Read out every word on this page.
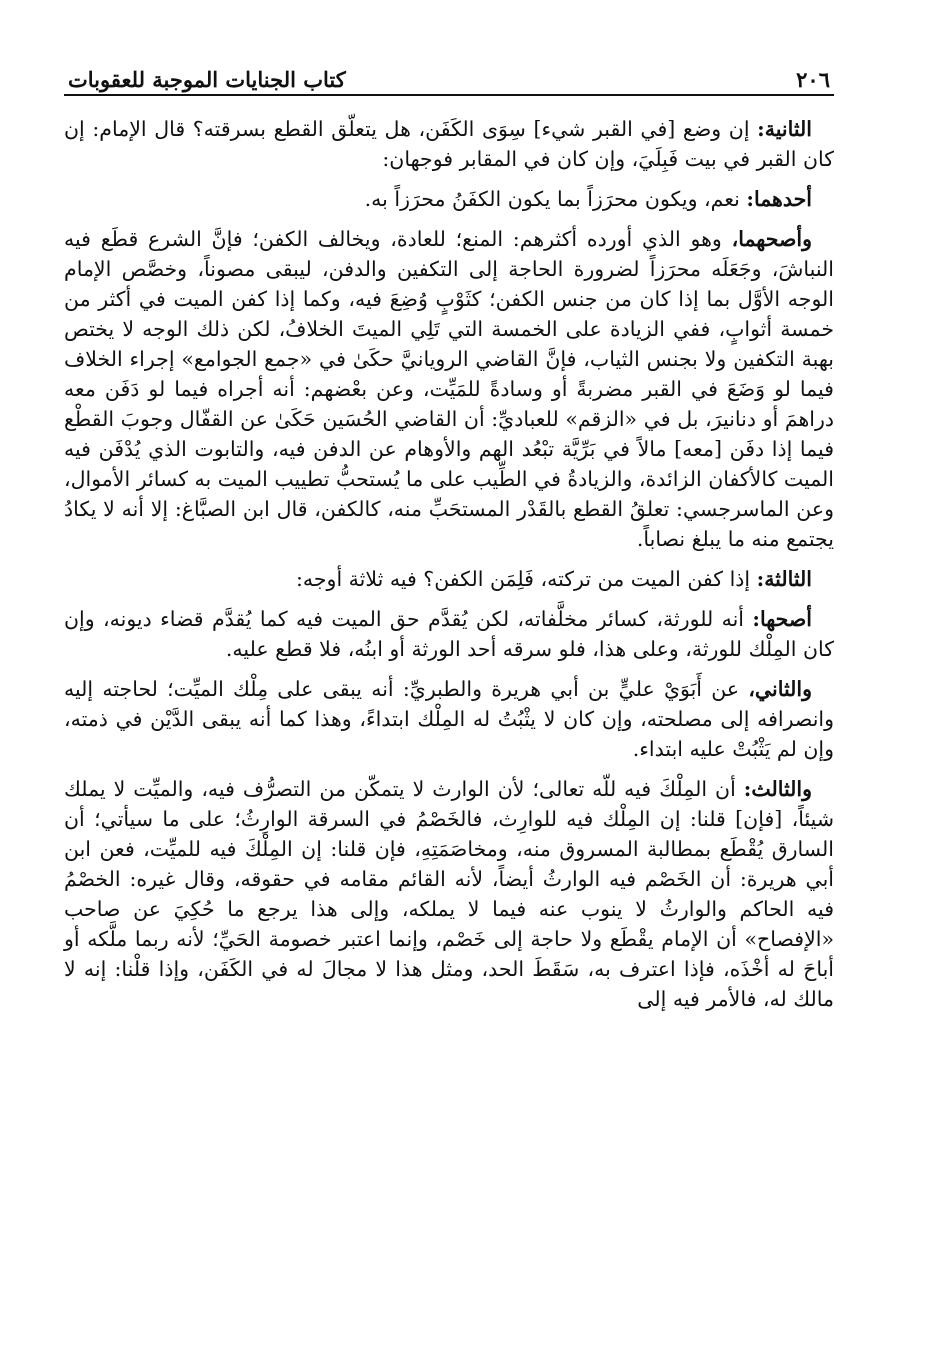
٢٠٦
كتاب الجنايات الموجبة للعقوبات

الثانية: إن وضع [في القبر شيء] سِوَى الكَفَن، هل يتعلّق القطع بسرقته؟ قال الإمام: إن كان القبر في بيت فَبِلَيَ، وإن كان في المقابر فوجهان:

أحدهما: نعم، ويكون محرَزاً بما يكون الكفَنُ محرَزاً به.

وأصحهما، وهو الذي أورده أكثرهم: المنع؛ للعادة، ويخالف الكفن؛ فإنَّ الشرع قطَع فيه النباشَ، وجَعَلَه محرَزاً لضرورة الحاجة إلى التكفين والدفن، ليبقى مصوناً، وخصَّص الإمام الوجه الأوَّل بما إذا كان من جنس الكفن؛ كثَوْبٍ وُضِعَ فيه، وكما إذا كفن الميت في أكثر من خمسة أثوابٍ، ففي الزيادة على الخمسة التي تَلِي الميتَ الخلافُ، لكن ذلك الوجه لا يختص بهبة التكفين ولا بجنس الثياب، فإنَّ القاضي الرويانيَّ حكَىٰ في «جمع الجوامع» إجراء الخلاف فيما لو وَضَعَ في القبر مضربةً أو وسادةً للمَيِّت، وعن بعْضهم: أنه أجراه فيما لو دَفَن معه دراهمَ أو دنانيرَ، بل في «الزقم» للعباديِّ: أن القاضي الحُسَين حَكَىٰ عن القفّال وجوبَ القطْع فيما إذا دفَن [معه] مالاً في بَرِّيَّة تبْعُد الهم والأوهام عن الدفن فيه، والتابوت الذي يُدْفَن فيه الميت كالأكفان الزائدة، والزيادةُ في الطِّيب على ما يُستحبُّ تطييب الميت به كسائر الأموال، وعن الماسرجسي: تعلقُ القطع بالقَدْر المستحَبِّ منه، كالكفن، قال ابن الصبَّاغ: إلا أنه لا يكادُ يجتمع منه ما يبلغ نصاباً.

الثالثة: إذا كفن الميت من تركته، فَلِمَن الكفن؟ فيه ثلاثة أوجه:

أصحها: أنه للورثة، كسائر مخلَّفاته، لكن يُقدَّم حق الميت فيه كما يُقدَّم قضاء ديونه، وإن كان المِلْك للورثة، وعلى هذا، فلو سرقه أحد الورثة أو ابنُه، فلا قطع عليه.

والثاني، عن أَبَوَيْ عليٍّ بن أبي هريرة والطبريِّ: أنه يبقى على مِلْك الميِّت؛ لحاجته إليه وانصرافه إلى مصلحته، وإن كان لا يثْبُتُ له المِلْك ابتداءً، وهذا كما أنه يبقى الدَّيْن في ذمته، وإن لم يَثْبُتْ عليه ابتداء.

والثالث: أن المِلْكَ فيه للّه تعالى؛ لأن الوارث لا يتمكّن من التصرُّف فيه، والميِّت لا يملك شيئاً، [فإن] قلنا: إن المِلْك فيه للوارِث، فالخَصْمُ في السرقة الوارِثُ؛ على ما سيأتي؛ أن السارق يُقْطَع بمطالبة المسروق منه، ومخاصَمَتِهِ، فإن قلنا: إن المِلْكَ فيه للميِّت، فعن ابن أبي هريرة: أن الخَصْم فيه الوارثُ أيضاً، لأنه القائم مقامه في حقوقه، وقال غيره: الخصْمُ فيه الحاكم والوارثُ لا ينوب عنه فيما لا يملكه، وإلى هذا يرجع ما حُكِيَ عن صاحب «الإفصاح» أن الإمام يقْطَع ولا حاجة إلى خَصْم، وإنما اعتبر خصومة الحَيِّ؛ لأنه ربما ملَّكه أو أباحَ له أخْذَه، فإذا اعترف به، سَقَطَ الحد، ومثل هذا لا مجالَ له في الكَفَن، وإذا قلْنا: إنه لا مالك له، فالأمر فيه إلى
